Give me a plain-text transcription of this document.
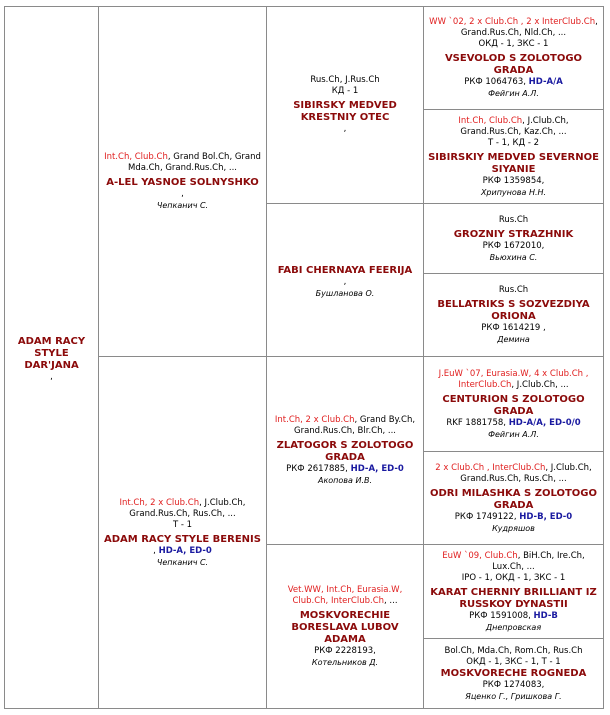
ADAM RACY STYLE DAR'JANA
,
Int.Ch, Club.Ch, Grand Bol.Ch, Grand Mda.Ch, Grand.Rus.Ch, ...
A-LEL YASNOE SOLNYSHKO
,
Чепканич С.
Int.Ch, 2 x Club.Ch, J.Club.Ch, Grand.Rus.Ch, Rus.Ch, ...
Т - 1
ADAM RACY STYLE BERENIS
, HD-A, ED-0
Чепканич С.
Rus.Ch, J.Rus.Ch
КД - 1
SIBIRSKY MEDVED KRESTNIY OTEC
,
FABI CHERNAYA FEERIJA
,
Бушланова О.
Int.Ch, 2 x Club.Ch, Grand By.Ch, Grand.Rus.Ch, Blr.Ch, ...
ZLATOGOR S ZOLOTOGO GRADA
РКФ 2617885, HD-A, ED-0
Акопова И.В.
Vet.WW, Int.Ch, Eurasia.W, Club.Ch, InterClub.Ch, ...
MOSKVORECHIE BORESLAVA LUBOV ADAMA
РКФ 2228193,
Котельников Д.
WW `02, 2 x Club.Ch , 2 x InterClub.Ch, Grand.Rus.Ch, Nld.Ch, ...
ОКД - 1, ЗКС - 1
VSEVOLOD S ZOLOTOGO GRADA
РКФ 1064763, HD-A/A
Фейгин А.Л.
Int.Ch, Club.Ch, J.Club.Ch, Grand.Rus.Ch, Kaz.Ch, ...
Т - 1, КД - 2
SIBIRSKIY MEDVED SEVERNOE SIYANIE
РКФ 1359854,
Хрипунова Н.Н.
Rus.Ch
GROZNIY STRAZHNIK
РКФ 1672010,
Вьюхина С.
Rus.Ch
BELLATRIKS S SOZVEZDIYA ORIONA
РКФ 1614219 ,
Демина
J.EuW `07, Eurasia.W, 4 x Club.Ch , InterClub.Ch, J.Club.Ch, ...
CENTURION S ZOLOTOGO GRADA
RKF 1881758, HD-A/A, ED-0/0
Фейгин А.Л.
2 x Club.Ch , InterClub.Ch, J.Club.Ch, Grand.Rus.Ch, Rus.Ch, ...
ODRI MILASHKA S ZOLOTOGO GRADA
РКФ 1749122, HD-B, ED-0
Кудряшов
EuW `09, Club.Ch, BiH.Ch, Ire.Ch, Lux.Ch, ...
IPO - 1, ОКД - 1, ЗКС - 1
KARAT CHERNIY BRILLIANT IZ RUSSKOY DYNASTII
РКФ 1591008, HD-B
Днепровская
Bol.Ch, Mda.Ch, Rom.Ch, Rus.Ch
ОКД - 1, ЗКС - 1, Т - 1
MOSKVORECHE ROGNEDA
РКФ 1274083,
Яценко Г., Гришкова Г.
